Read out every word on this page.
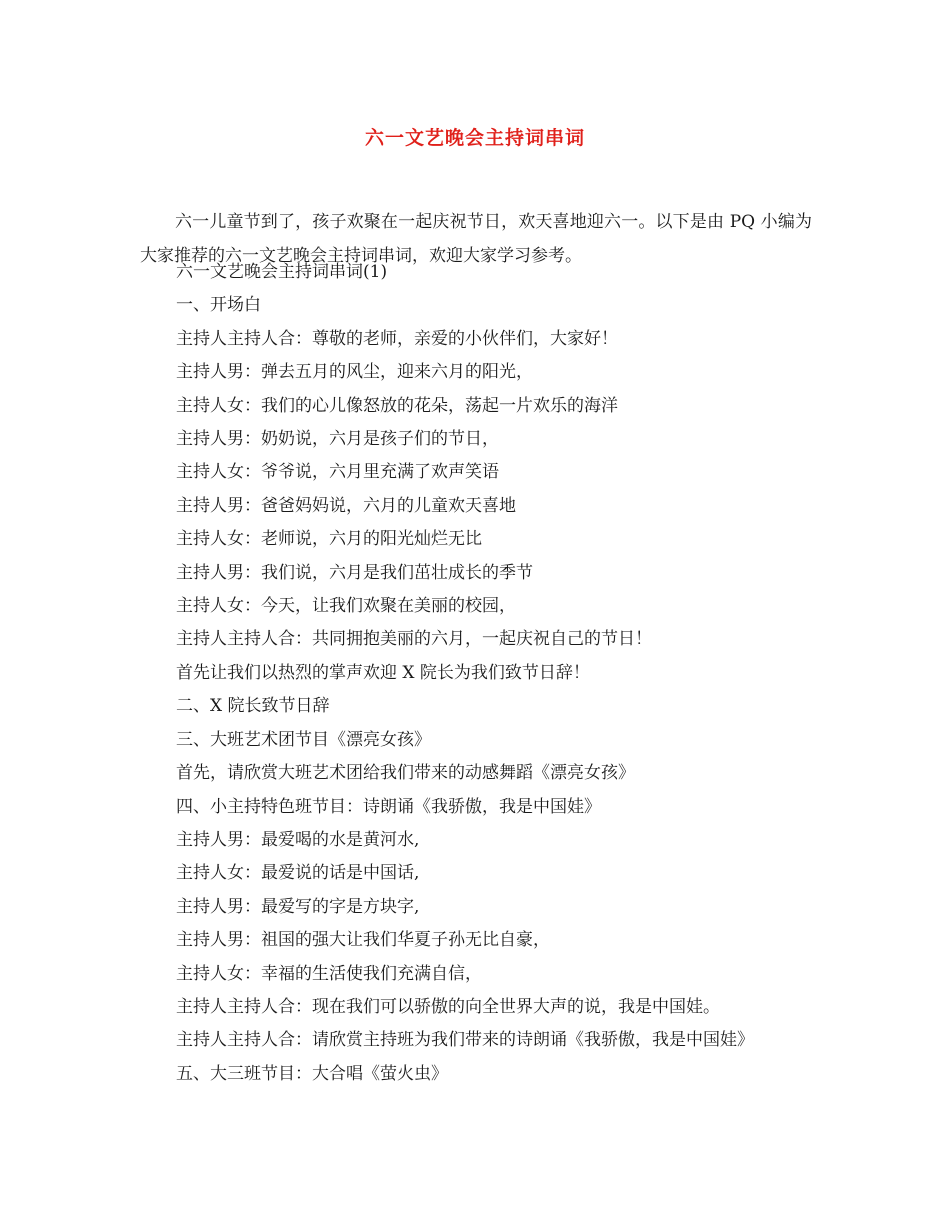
六一文艺晚会主持词串词

六一儿童节到了，孩子欢聚在一起庆祝节日，欢天喜地迎六一。以下是由 PQ 小编为大家推荐的六一文艺晚会主持词串词，欢迎大家学习参考。

六一文艺晚会主持词串词(1)
一、开场白
主持人主持人合：尊敬的老师，亲爱的小伙伴们，大家好！
主持人男：弹去五月的风尘，迎来六月的阳光，
主持人女：我们的心儿像怒放的花朵，荡起一片欢乐的海洋
主持人男：奶奶说，六月是孩子们的节日，
主持人女：爷爷说，六月里充满了欢声笑语
主持人男：爸爸妈妈说，六月的儿童欢天喜地
主持人女：老师说，六月的阳光灿烂无比
主持人男：我们说，六月是我们茁壮成长的季节
主持人女：今天，让我们欢聚在美丽的校园，
主持人主持人合：共同拥抱美丽的六月，一起庆祝自己的节日！
首先让我们以热烈的掌声欢迎 X 院长为我们致节日辞！
二、X 院长致节日辞
三、大班艺术团节目《漂亮女孩》
首先，请欣赏大班艺术团给我们带来的动感舞蹈《漂亮女孩》
四、小主持特色班节目：诗朗诵《我骄傲，我是中国娃》
主持人男：最爱喝的水是黄河水,
主持人女：最爱说的话是中国话,
主持人男：最爱写的字是方块字,
主持人男：祖国的强大让我们华夏子孙无比自豪，
主持人女：幸福的生活使我们充满自信，
主持人主持人合：现在我们可以骄傲的向全世界大声的说，我是中国娃。
主持人主持人合：请欣赏主持班为我们带来的诗朗诵《我骄傲，我是中国娃》
五、大三班节目：大合唱《萤火虫》
